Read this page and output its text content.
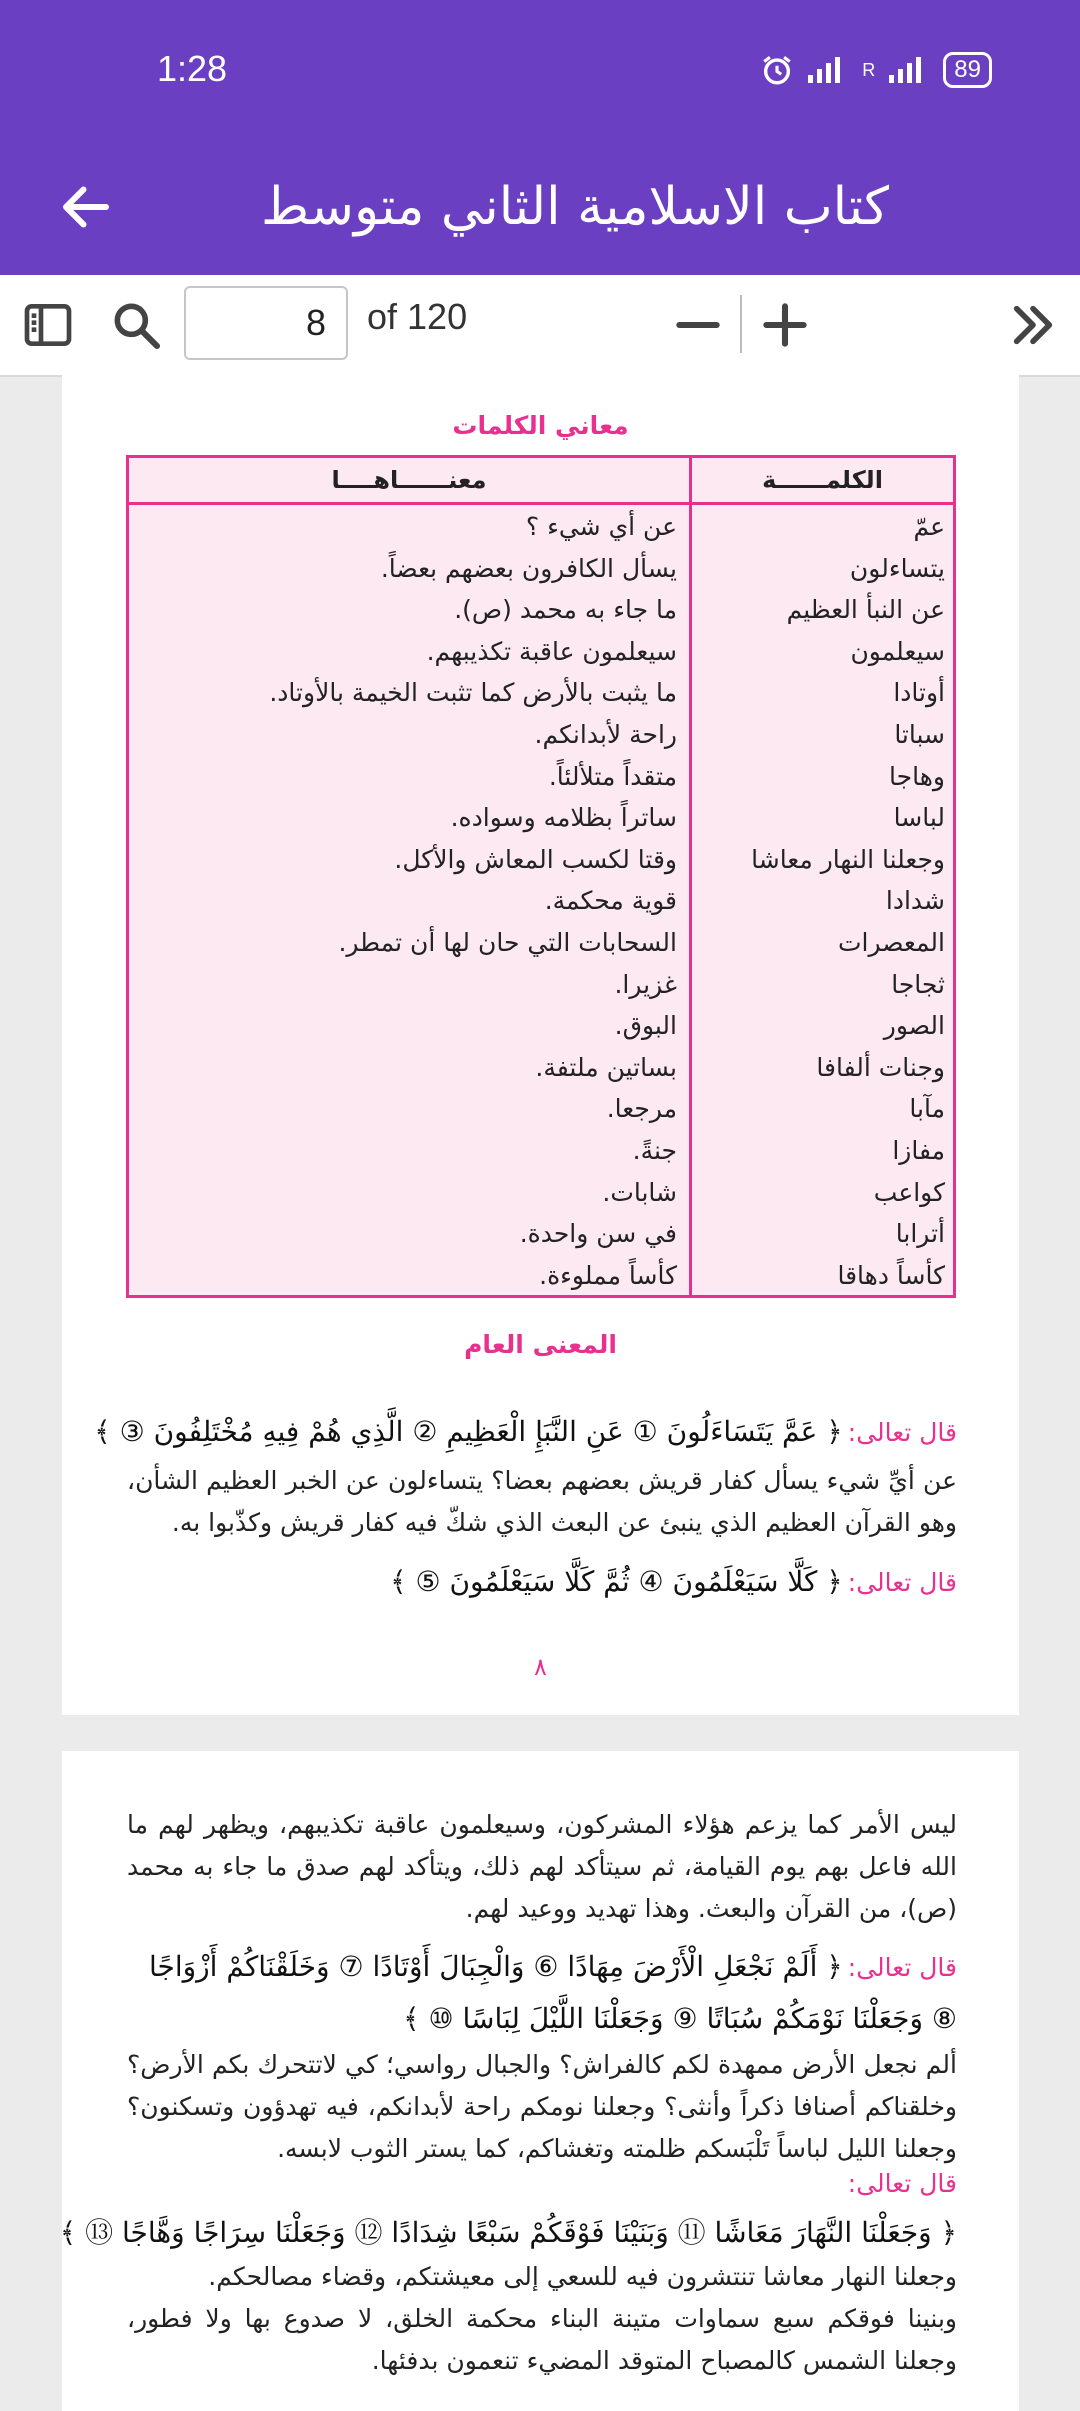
1:28	R	89
كتاب الاسلامية الثاني متوسط
8
of 120
معاني الكلمات
الكلمــــــة
معنــــــاهــــا
عمّ
عن أي شيء ؟
يتساءلون
يسأل الكافرون بعضهم بعضاً.
عن النبأ العظيم
ما جاء به محمد (ص).
سيعلمون
سيعلمون عاقبة تكذيبهم.
أوتادا
ما يثبت بالأرض كما تثبت الخيمة بالأوتاد.
سباتا
راحة لأبدانكم.
وهاجا
متقداً متلألئاً.
لباسا
ساتراً بظلامه وسواده.
وجعلنا النهار معاشا
وقتا لكسب المعاش والأكل.
شدادا
قوية محكمة.
المعصرات
السحابات التي حان لها أن تمطر.
ثجاجا
غزيرا.
الصور
البوق.
وجنات ألفافا
بساتين ملتفة.
مآبا
مرجعا.
مفازا
جنةً.
كواعب
شابات.
أترابا
في سن واحدة.
كأساً دهاقا
كأساً مملوءة.
المعنى العام
قال تعالى: ﴿ عَمَّ يَتَسَاءَلُونَ ① عَنِ النَّبَإِ الْعَظِيمِ ② الَّذِي هُمْ فِيهِ مُخْتَلِفُونَ ③ ﴾
عن أيِّ شيء يسأل كفار قريش بعضهم بعضا؟ يتساءلون عن الخبر العظيم الشأن، وهو القرآن العظيم الذي ينبئ عن البعث الذي شكّ فيه كفار قريش وكذّبوا به.
قال تعالى: ﴿ كَلَّا سَيَعْلَمُونَ ④ ثُمَّ كَلَّا سَيَعْلَمُونَ ⑤ ﴾
٨
ليس الأمر كما يزعم هؤلاء المشركون، وسيعلمون عاقبة تكذيبهم، ويظهر لهم ما الله فاعل بهم يوم القيامة، ثم سيتأكد لهم ذلك، ويتأكد لهم صدق ما جاء به محمد (ص)، من القرآن والبعث. وهذا تهديد ووعيد لهم.
قال تعالى: ﴿ أَلَمْ نَجْعَلِ الْأَرْضَ مِهَادًا ⑥ وَالْجِبَالَ أَوْتَادًا ⑦ وَخَلَقْنَاكُمْ أَزْوَاجًا ⑧ وَجَعَلْنَا نَوْمَكُمْ سُبَاتًا ⑨ وَجَعَلْنَا اللَّيْلَ لِبَاسًا ⑩ ﴾
ألم نجعل الأرض ممهدة لكم كالفراش؟ والجبال رواسي؛ كي لاتتحرك بكم الأرض؟وخلقناكم أصنافا ذكراً وأنثى؟ وجعلنا نومكم راحة لأبدانكم، فيه تهدؤون وتسكنون؟ وجعلنا الليل لباساً تَلْبَسكم ظلمته وتغشاكم، كما يستر الثوب لابسه.
قال تعالى:
﴿ وَجَعَلْنَا النَّهَارَ مَعَاشًا ⑪ وَبَنَيْنَا فَوْقَكُمْ سَبْعًا شِدَادًا ⑫ وَجَعَلْنَا سِرَاجًا وَهَّاجًا ⑬ ﴾
وجعلنا النهار معاشا تنتشرون فيه للسعي إلى معيشتكم، وقضاء مصالحكم.
وبنينا فوقكم سبع سماوات متينة البناء محكمة الخلق، لا صدوع بها ولا فطور، وجعلنا الشمس كالمصباح المتوقد المضيء تنعمون بدفئها.
